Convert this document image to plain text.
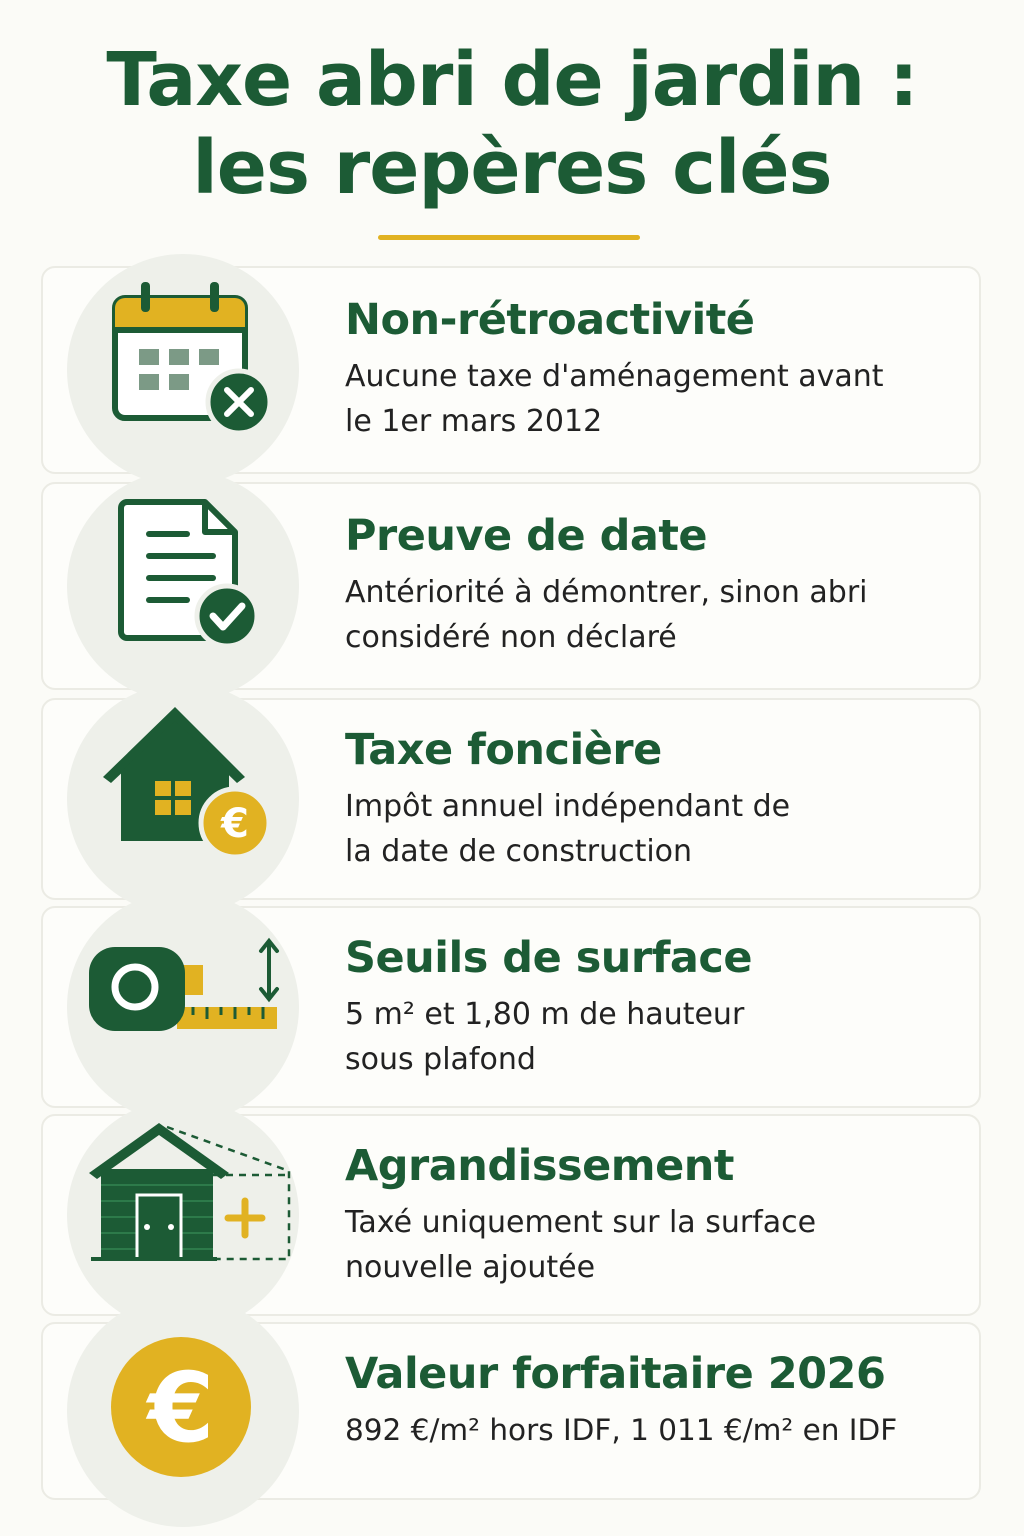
Taxe abri de jardin :
les repères clés
Non-rétroactivité

Aucune taxe d'aménagement avant
le 1er mars 2012

Preuve de date

Antériorité à démontrer, sinon abri
considéré non déclaré

€
Taxe foncière

Impôt annuel indépendant de
la date de construction

Seuils de surface

5 m² et 1,80 m de hauteur
sous plafond

Agrandissement

Taxé uniquement sur la surface
nouvelle ajoutée

€	Valeur forfaitaire 2026

892 €/m² hors IDF, 1 011 €/m² en IDF
